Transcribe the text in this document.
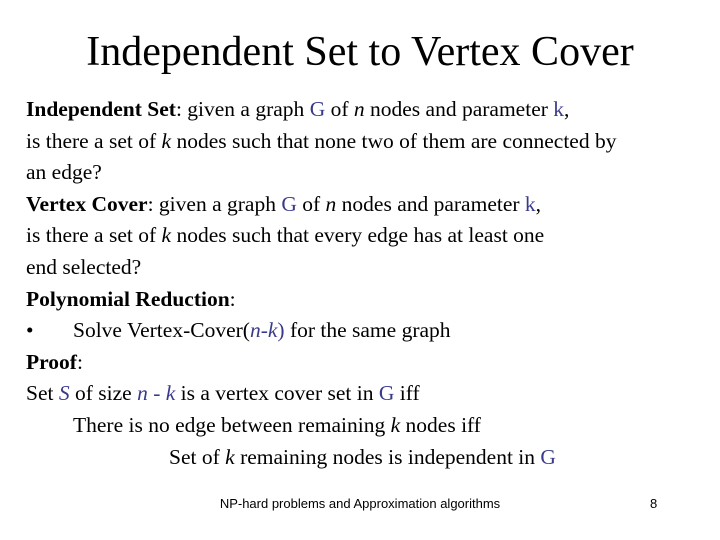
Independent Set to Vertex Cover
Independent Set: given a graph G of n nodes and parameter k,
is there a set of k nodes such that none two of them are connected by
an edge?
Vertex Cover: given a graph G of n nodes and parameter k,
is there a set of k nodes such that every edge has at least one
end selected?
Polynomial Reduction:
• Solve Vertex-Cover(n-k) for the same graph
Proof:
Set S of size n - k is a vertex cover set in G iff
There is no edge between remaining k nodes iff
Set of k remaining nodes is independent in G
NP-hard problems and Approximation algorithms	8
